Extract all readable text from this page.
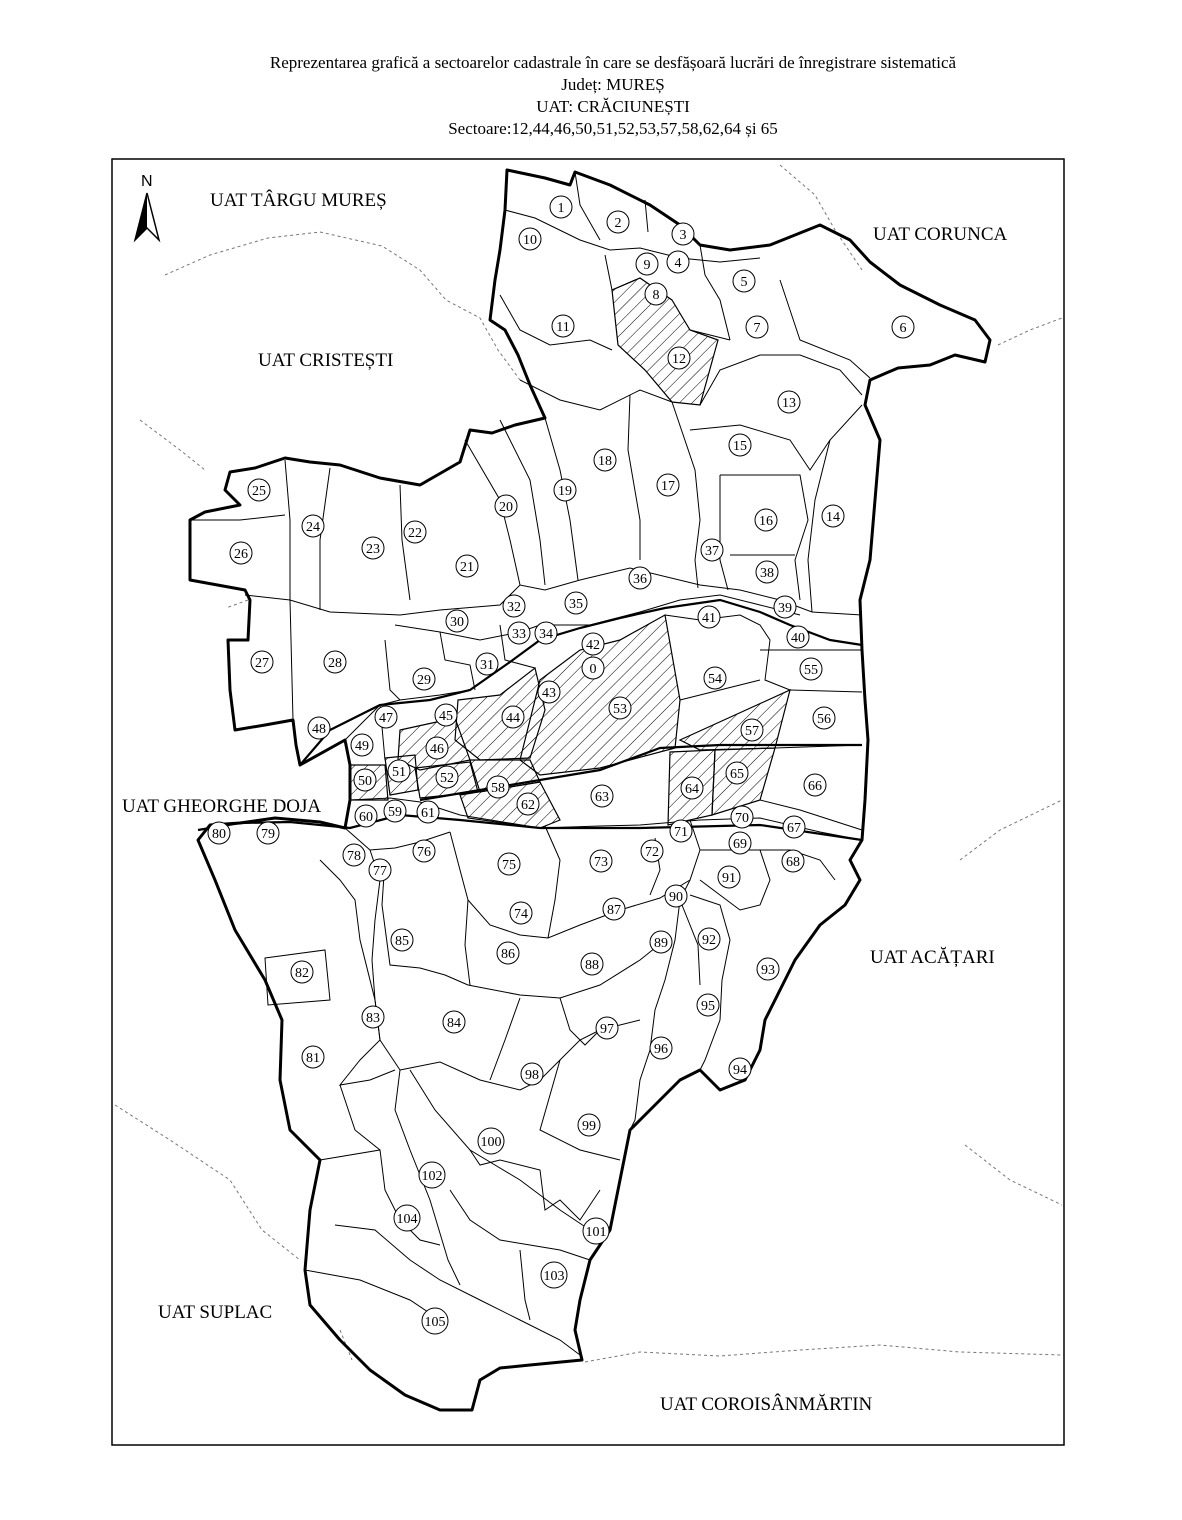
Reprezentarea grafică a sectoarelor cadastrale în care se desfășoară lucrări de înregistrare sistematică
Județ: MUREȘ
UAT: CRĂCIUNEȘTI
Sectoare:12,44,46,50,51,52,53,57,58,62,64 și 65
N
UAT TÂRGU MUREȘ
UAT CORUNCA
UAT CRISTEȘTI
UAT GHEORGHE DOJA
UAT ACĂȚARI
UAT SUPLAC
UAT COROISÂNMĂRTIN
0
1
2
3
4
5
6
7
8
9
10
11
12
13
14
15
16
17
18
19
20
21
22
23
24
25
26
27	28
29
30
31
32
33 34
35
36
37
38
39
40
41
42
43
44
45
46
47
48
49
50
51 52
53
54
55
56
57
58
59
60	61
62
63
64
65
66
67
68
69
70
71
72
73
74
75
76
77
78
79
80
81
82
83	84
85
86
87
88
89
90
91
92
93
94
95
96
97
98
99
100
101
102
103
104
105
